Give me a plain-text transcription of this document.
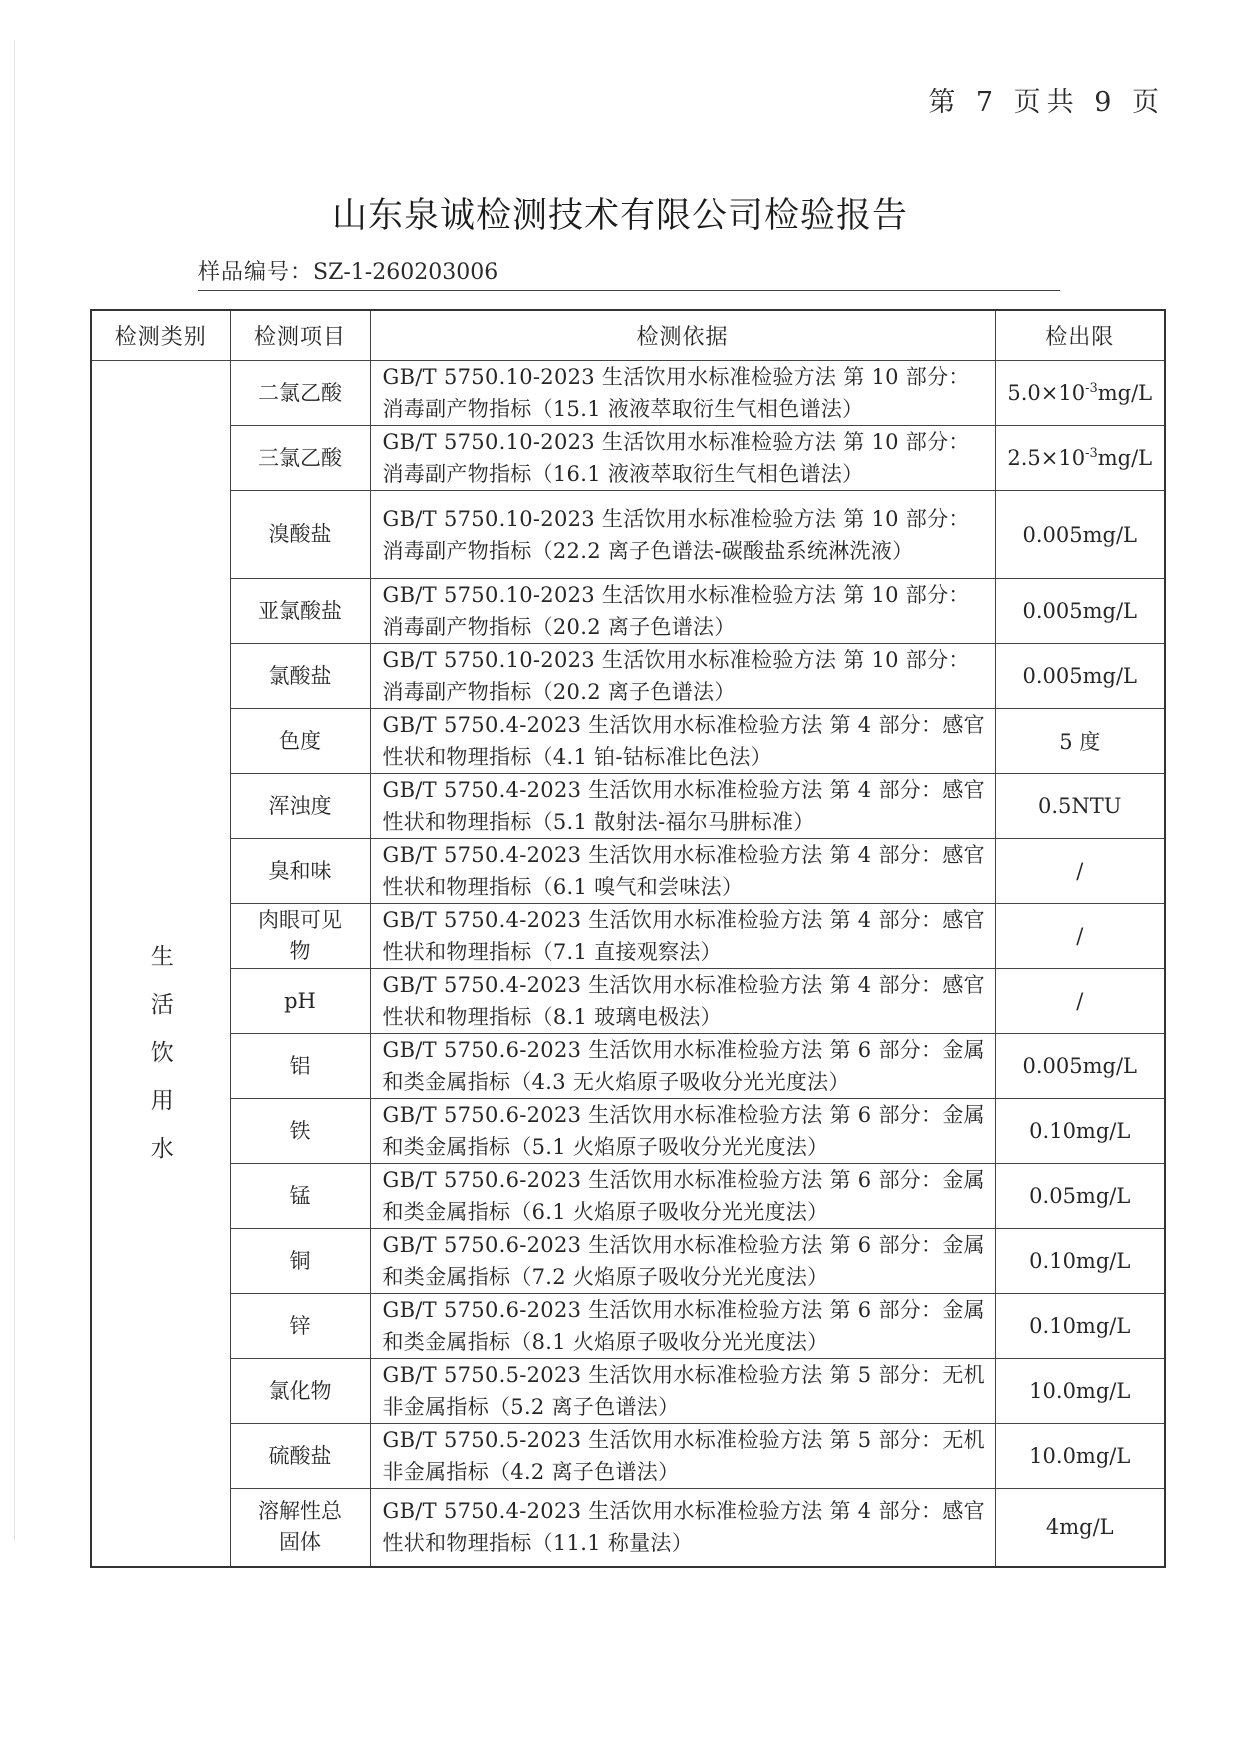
第 7 页共 9 页
山东泉诚检测技术有限公司检验报告
样品编号：SZ-1-260203006
检测类别	检测项目	检测依据	检出限

生
活
饮
用
水	二氯乙酸	GB/T 5750.10-2023 生活饮用水标准检验方法 第 10 部分：消毒副产物指标（15.1 液液萃取衍生气相色谱法）	$5.0\times 10^{-3}mg/L$
	三氯乙酸	GB/T 5750.10-2023 生活饮用水标准检验方法 第 10 部分：消毒副产物指标（16.1 液液萃取衍生气相色谱法）	$2.5\times 10^{-3}mg/L$
	溴酸盐	GB/T 5750.10-2023 生活饮用水标准检验方法 第 10 部分：消毒副产物指标（22.2 离子色谱法-碳酸盐系统淋洗液）	0.005mg/L
	亚氯酸盐	GB/T 5750.10-2023 生活饮用水标准检验方法 第 10 部分：消毒副产物指标（20.2 离子色谱法）	0.005mg/L
	氯酸盐	GB/T 5750.10-2023 生活饮用水标准检验方法 第 10 部分：消毒副产物指标（20.2 离子色谱法）	0.005mg/L
	色度	GB/T 5750.4-2023 生活饮用水标准检验方法 第 4 部分：感官性状和物理指标（4.1 铂-钴标准比色法）	5 度
	浑浊度	GB/T 5750.4-2023 生活饮用水标准检验方法 第 4 部分：感官性状和物理指标（5.1 散射法-福尔马肼标准）	0.5NTU
	臭和味	GB/T 5750.4-2023 生活饮用水标准检验方法 第 4 部分：感官性状和物理指标（6.1 嗅气和尝味法）	/
	肉眼可见物	GB/T 5750.4-2023 生活饮用水标准检验方法 第 4 部分：感官性状和物理指标（7.1 直接观察法）	/
	pH	GB/T 5750.4-2023 生活饮用水标准检验方法 第 4 部分：感官性状和物理指标（8.1 玻璃电极法）	/
	铝	GB/T 5750.6-2023 生活饮用水标准检验方法 第 6 部分：金属和类金属指标（4.3 无火焰原子吸收分光光度法）	0.005mg/L
	铁	GB/T 5750.6-2023 生活饮用水标准检验方法 第 6 部分：金属和类金属指标（5.1 火焰原子吸收分光光度法）	0.10mg/L
	锰	GB/T 5750.6-2023 生活饮用水标准检验方法 第 6 部分：金属和类金属指标（6.1 火焰原子吸收分光光度法）	0.05mg/L
	铜	GB/T 5750.6-2023 生活饮用水标准检验方法 第 6 部分：金属和类金属指标（7.2 火焰原子吸收分光光度法）	0.10mg/L
	锌	GB/T 5750.6-2023 生活饮用水标准检验方法 第 6 部分：金属和类金属指标（8.1 火焰原子吸收分光光度法）	0.10mg/L
	氯化物	GB/T 5750.5-2023 生活饮用水标准检验方法 第 5 部分：无机非金属指标（5.2 离子色谱法）	10.0mg/L
	硫酸盐	GB/T 5750.5-2023 生活饮用水标准检验方法 第 5 部分：无机非金属指标（4.2 离子色谱法）	10.0mg/L
	溶解性总固体	GB/T 5750.4-2023 生活饮用水标准检验方法 第 4 部分：感官性状和物理指标（11.1 称量法）	4mg/L
